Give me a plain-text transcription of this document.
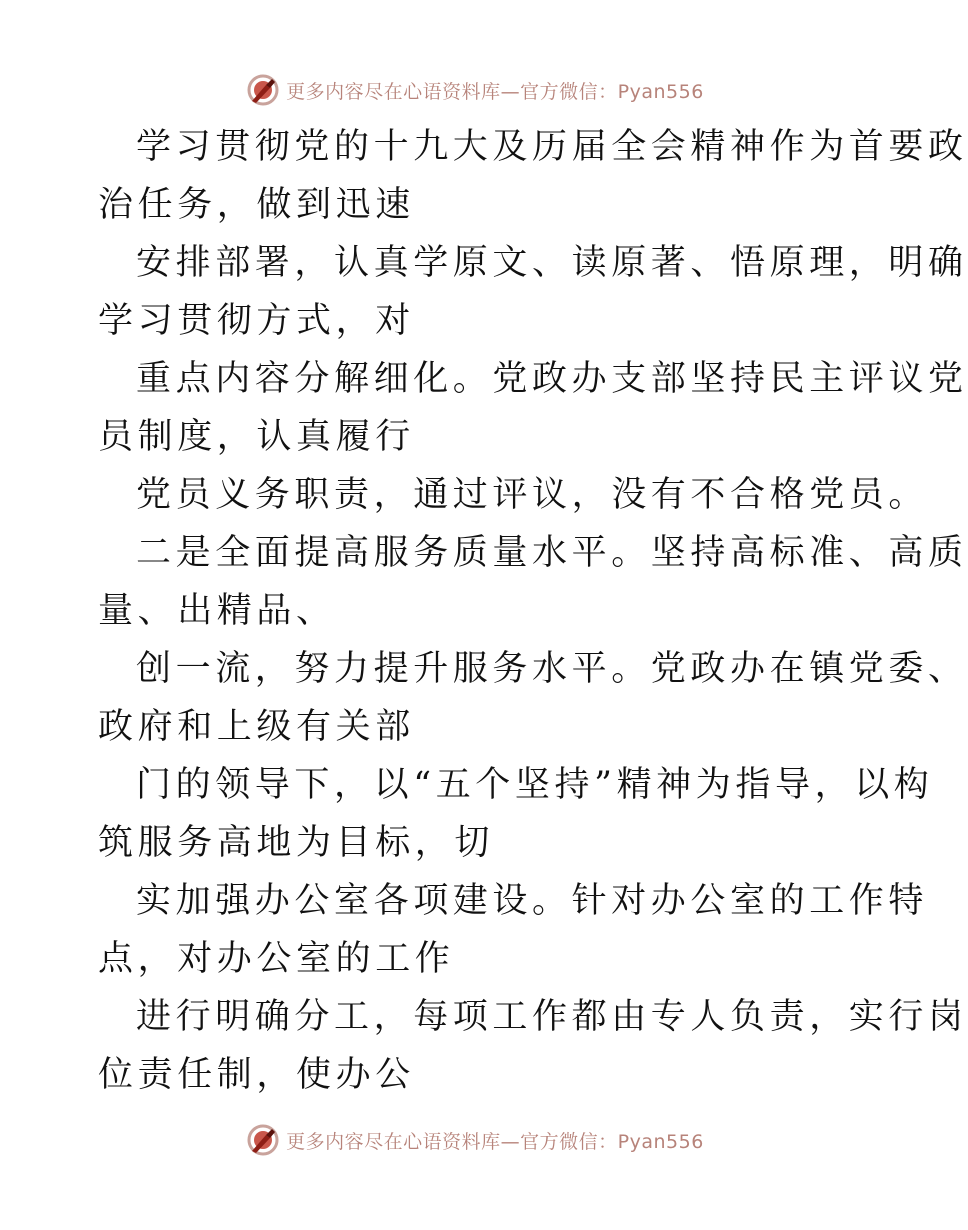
更多内容尽在心语资料库—官方微信：Pyan556
学习贯彻党的十九大及历届全会精神作为首要政
治任务，做到迅速
安排部署，认真学原文、读原著、悟原理，明确
学习贯彻方式，对
重点内容分解细化。党政办支部坚持民主评议党
员制度，认真履行
党员义务职责，通过评议，没有不合格党员。
二是全面提高服务质量水平。坚持高标准、高质
量、出精品、
创一流，努力提升服务水平。党政办在镇党委、
政府和上级有关部
门的领导下，以“五个坚持”精神为指导，以构
筑服务高地为目标，切
实加强办公室各项建设。针对办公室的工作特
点，对办公室的工作
进行明确分工，每项工作都由专人负责，实行岗
位责任制，使办公
更多内容尽在心语资料库—官方微信：Pyan556
